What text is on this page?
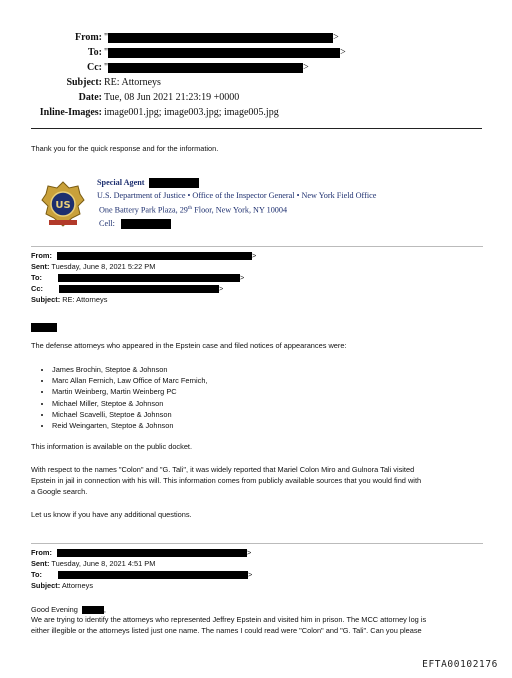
From: "	>
To: "	>
Cc: "	>
Subject: RE: Attorneys
Date: Tue, 08 Jun 2021 21:23:19 +0000
Inline-Images: image001.jpg; image003.jpg; image005.jpg
Thank you for the quick response and for the information.
US
Special Agent
U.S. Department of Justice • Office of the Inspector General • New York Field Office
One Battery Park Plaza, 29th Floor, New York, NY 10004
Cell:
From:	>
Sent: Tuesday, June 8, 2021 5:22 PM
To:	>
Cc:	>
Subject: RE: Attorneys
The defense attorneys who appeared in the Epstein case and filed notices of appearances were:
• James Brochin, Steptoe & Johnson
• Marc Allan Fernich, Law Office of Marc Fernich,
• Martin Weinberg, Martin Weinberg PC
• Michael Miller, Steptoe & Johnson
• Michael Scavelli, Steptoe & Johnson
• Reid Weingarten, Steptoe & Johnson
This information is available on the public docket.
With respect to the names "Colon" and "G. Tali", it was widely reported that Mariel Colon Miro and Gulnora Tali visited
Epstein in jail in connection with his will. This information comes from publicly available sources that you would find with
a Google search.
Let us know if you have any additional questions.
From:	>
Sent: Tuesday, June 8, 2021 4:51 PM
To:	>
Subject: Attorneys
Good Evening	,
We are trying to identify the attorneys who represented Jeffrey Epstein and visited him in prison. The MCC attorney log is
either illegible or the attorneys listed just one name. The names I could read were "Colon" and "G. Tali". Can you please
EFTA00102176
